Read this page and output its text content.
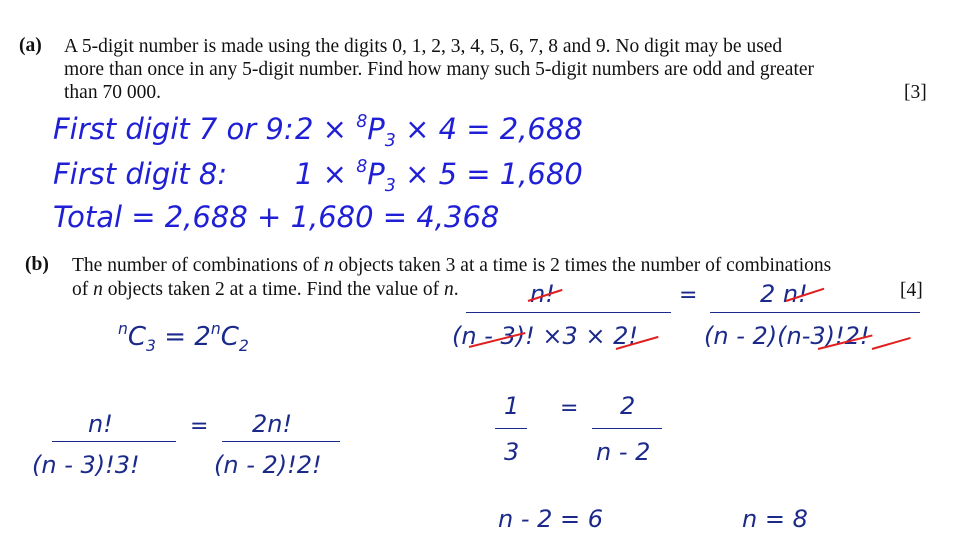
(a) A 5-digit number is made using the digits 0, 1, 2, 3, 4, 5, 6, 7, 8 and 9. No digit may be used
more than once in any 5-digit number. Find how many such 5-digit numbers are odd and greater
than 70 000.	[3]
First digit 7 or 9: $2 \times ^8P_3 \times 4 = 2,688$
First digit 8: $1 \times ^8P_3 \times 5 = 1,680$
Total = 2,688 + 1,680 = 4,368
(b) The number of combinations of n objects taken 3 at a time is 2 times the number of combinations
of n objects taken 2 at a time. Find the value of n.	[4]
$^nC_3 = 2^nC_2$
n!
(n - 3)! ×3 × 2!
=	2 n!
(n - 2)(n-3)!2!
n!
(n - 3)!3!
= 2n!
(n - 2)!2!
1
3
= 2
n - 2
n - 2 = 6	n = 8
